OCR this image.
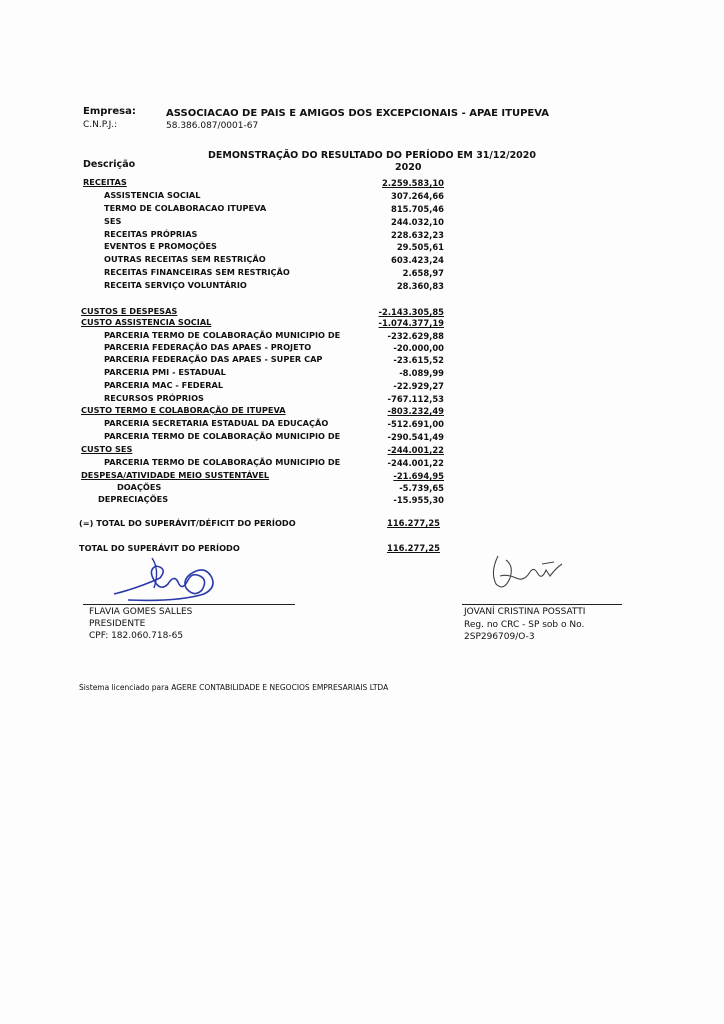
Empresa:	ASSOCIACAO DE PAIS E AMIGOS DOS EXCEPCIONAIS - APAE ITUPEVA
C.N.P.J.:	58.386.087/0001-67
DEMONSTRAÇÃO DO RESULTADO DO PERÍODO EM 31/12/2020
Descrição	2020
RECEITAS	2.259.583,10
ASSISTENCIA SOCIAL	307.264,66
TERMO DE COLABORACAO ITUPEVA	815.705,46
SES	244.032,10
RECEITAS PRÓPRIAS	228.632,23
EVENTOS E PROMOÇÕES	29.505,61
OUTRAS RECEITAS SEM RESTRIÇÃO	603.423,24
RECEITAS FINANCEIRAS SEM RESTRIÇÃO	2.658,97
RECEITA SERVIÇO VOLUNTÁRIO	28.360,83
CUSTOS E DESPESAS	-2.143.305,85
CUSTO ASSISTENCIA SOCIAL	-1.074.377,19
PARCERIA TERMO DE COLABORAÇÃO MUNICIPIO DE	-232.629,88
PARCERIA FEDERAÇÃO DAS APAES - PROJETO	-20.000,00
PARCERIA FEDERAÇÃO DAS APAES - SUPER CAP	-23.615,52
PARCERIA PMI - ESTADUAL	-8.089,99
PARCERIA MAC - FEDERAL	-22.929,27
RECURSOS PRÓPRIOS	-767.112,53
CUSTO TERMO E COLABORAÇÃO DE ITUPEVA	-803.232,49
PARCERIA SECRETARIA ESTADUAL DA EDUCAÇÃO	-512.691,00
PARCERIA TERMO DE COLABORAÇÃO MUNICIPIO DE	-290.541,49
CUSTO SES	-244.001,22
PARCERIA TERMO DE COLABORAÇÃO MUNICIPIO DE	-244.001,22
DESPESA/ATIVIDADE MEIO SUSTENTÁVEL	-21.694,95
DOAÇÕES	-5.739,65
DEPRECIAÇÕES	-15.955,30
(=) TOTAL DO SUPERÁVIT/DÉFICIT DO PERÍODO	116.277,25
TOTAL DO SUPERÁVIT DO PERÍODO	116.277,25
FLAVIA GOMES SALLES
PRESIDENTE
CPF: 182.060.718-65
JOVANÍ CRISTINA POSSATTI
Reg. no CRC - SP sob o No.
2SP296709/O-3
Sistema licenciado para AGERE CONTABILIDADE E NEGOCIOS EMPRESARIAIS LTDA
